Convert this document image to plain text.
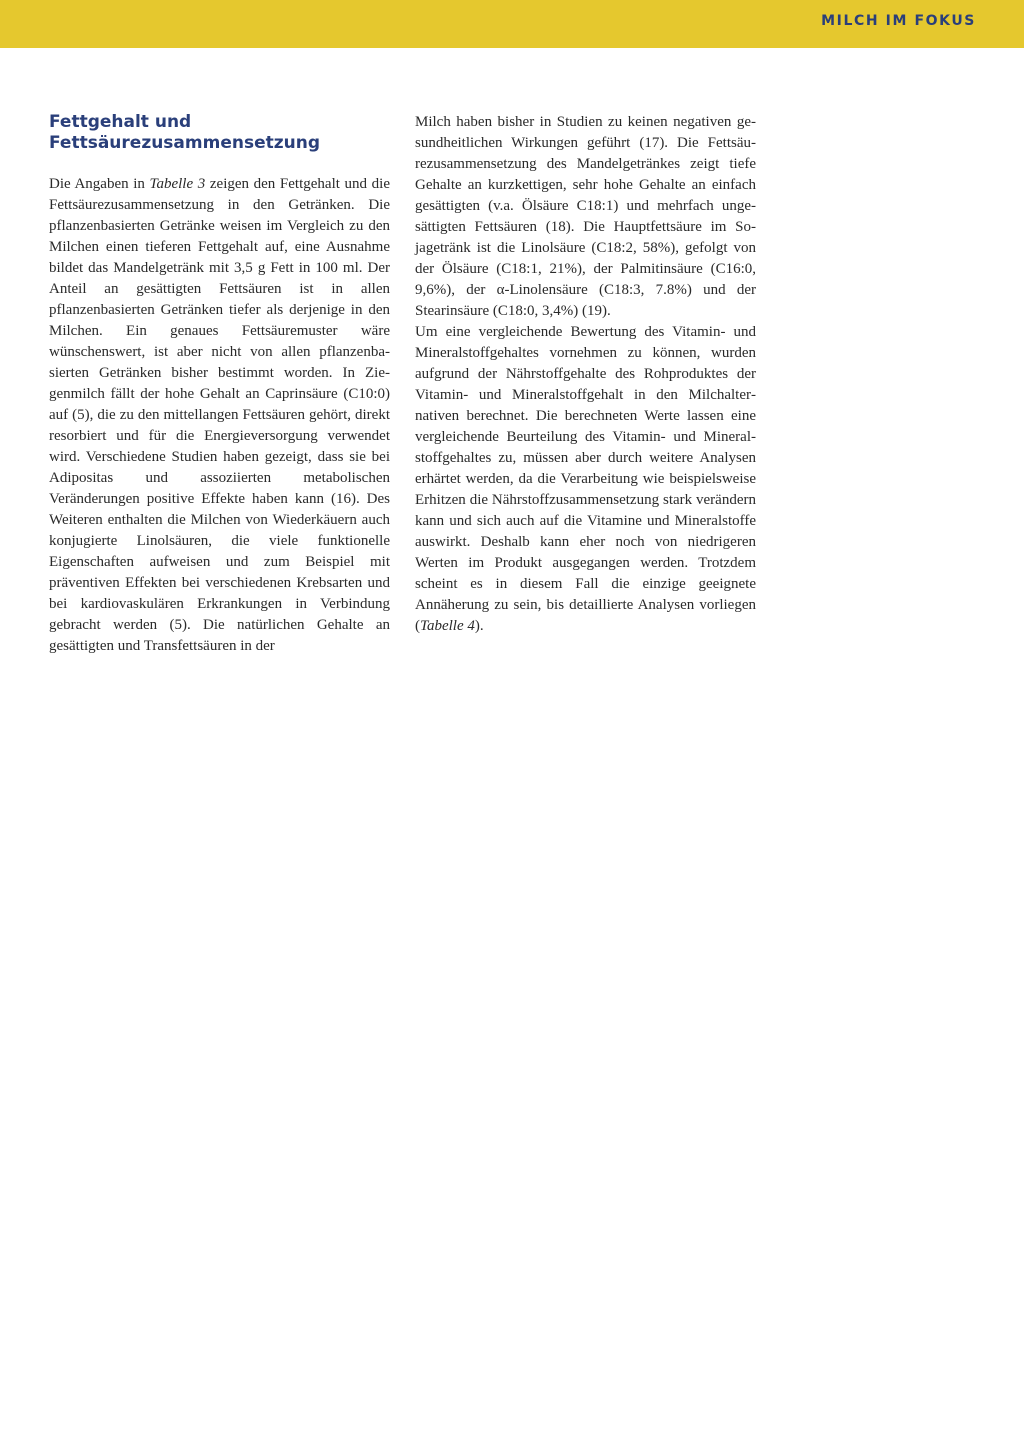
MILCH IM FOKUS
Fettgehalt und
Fettsäurezusammensetzung

Die Angaben in Tabelle 3 zeigen den Fettgehalt und die Fettsäurezusammensetzung in den Getränken. Die pflanzenbasierten Getränke weisen im Vergleich zu den Milchen einen tieferen Fettgehalt auf, eine Ausnahme bildet das Mandelgetränk mit 3,5 g Fett in 100 ml. Der Anteil an gesättigten Fettsäuren ist in allen pflanzenbasierten Getränken tiefer als derjenige in den Milchen. Ein genaues Fettsäuremuster wäre wünschenswert, ist aber nicht von allen pflanzenbasierten Getränken bisher bestimmt worden. In Ziegenmilch fällt der hohe Gehalt an Caprinsäure (C10:0) auf (5), die zu den mittellangen Fettsäuren gehört, direkt resorbiert und für die Energieversorgung verwendet wird. Verschiedene Studien haben gezeigt, dass sie bei Adipositas und assoziierten metabolischen Veränderungen positive Effekte haben kann (16). Des Weiteren enthalten die Milchen von Wiederkäuern auch konjugierte Linolsäuren, die viele funktionelle Eigenschaften aufweisen und zum Beispiel mit präventiven Effekten bei verschiedenen Krebsarten und bei kardiovaskulären Erkrankungen in Verbindung gebracht werden (5). Die natürlichen Gehalte an gesättigten und Transfettsäuren in der

Milch haben bisher in Studien zu keinen negativen gesundheitlichen Wirkungen geführt (17). Die Fettsäurezusammensetzung des Mandelgetränkes zeigt tiefe Gehalte an kurzkettigen, sehr hohe Gehalte an einfach gesättigten (v.a. Ölsäure C18:1) und mehrfach ungesättigten Fettsäuren (18). Die Hauptfettsäure im Sojagetränk ist die Linolsäure (C18:2, 58%), gefolgt von der Ölsäure (C18:1, 21%), der Palmitinsäure (C16:0, 9,6%), der α-Linolensäure (C18:3, 7.8%) und der Stearinsäure (C18:0, 3,4%) (19).

Um eine vergleichende Bewertung des Vitamin- und Mineralstoffgehaltes vornehmen zu können, wurden aufgrund der Nährstoffgehalte des Rohproduktes der Vitamin- und Mineralstoffgehalt in den Milchalternativen berechnet. Die berechneten Werte lassen eine vergleichende Beurteilung des Vitamin- und Mineralstoffgehaltes zu, müssen aber durch weitere Analysen erhärtet werden, da die Verarbeitung wie beispielsweise Erhitzen die Nährstoffzusammensetzung stark verändern kann und sich auch auf die Vitamine und Mineralstoffe auswirkt. Deshalb kann eher noch von niedrigeren Werten im Produkt ausgegangen werden. Trotzdem scheint es in diesem Fall die einzige geeignete Annäherung zu sein, bis detaillierte Analysen vorliegen (Tabelle 4).
